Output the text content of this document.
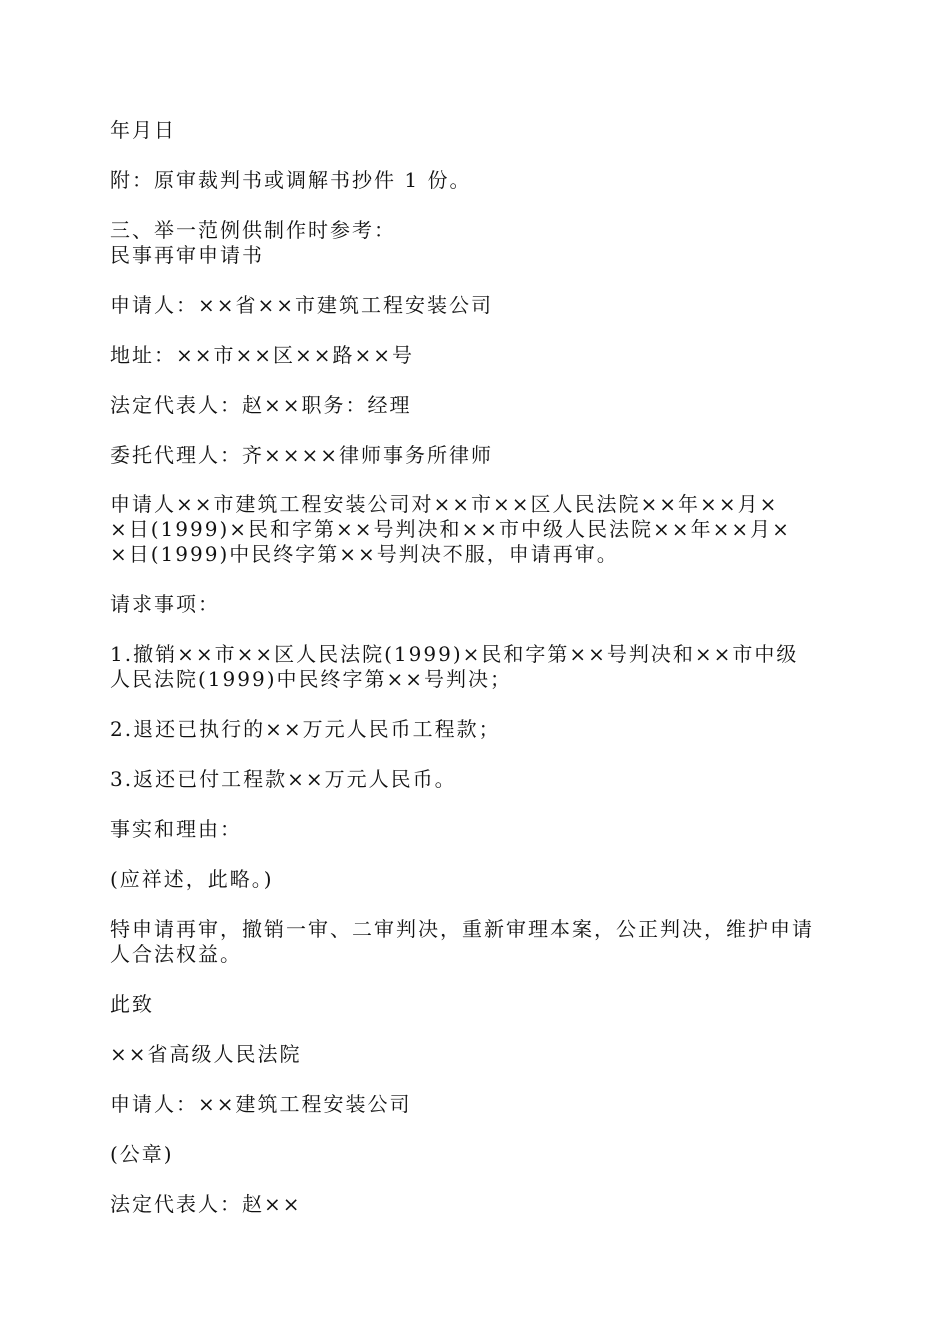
年月日
附：原审裁判书或调解书抄件 1 份。
三、举一范例供制作时参考：
民事再审申请书
申请人：××省××市建筑工程安装公司
地址：××市××区××路××号
法定代表人：赵××职务：经理
委托代理人：齐××××律师事务所律师
申请人××市建筑工程安装公司对××市××区人民法院××年××月×
×日(1999)×民和字第××号判决和××市中级人民法院××年××月×
×日(1999)中民终字第××号判决不服，申请再审。
请求事项：
1.撤销××市××区人民法院(1999)×民和字第××号判决和××市中级
人民法院(1999)中民终字第××号判决；
2.退还已执行的××万元人民币工程款；
3.返还已付工程款××万元人民币。
事实和理由：
(应祥述，此略。)
特申请再审，撤销一审、二审判决，重新审理本案，公正判决，维护申请
人合法权益。
此致
××省高级人民法院
申请人：××建筑工程安装公司
(公章)
法定代表人：赵××
